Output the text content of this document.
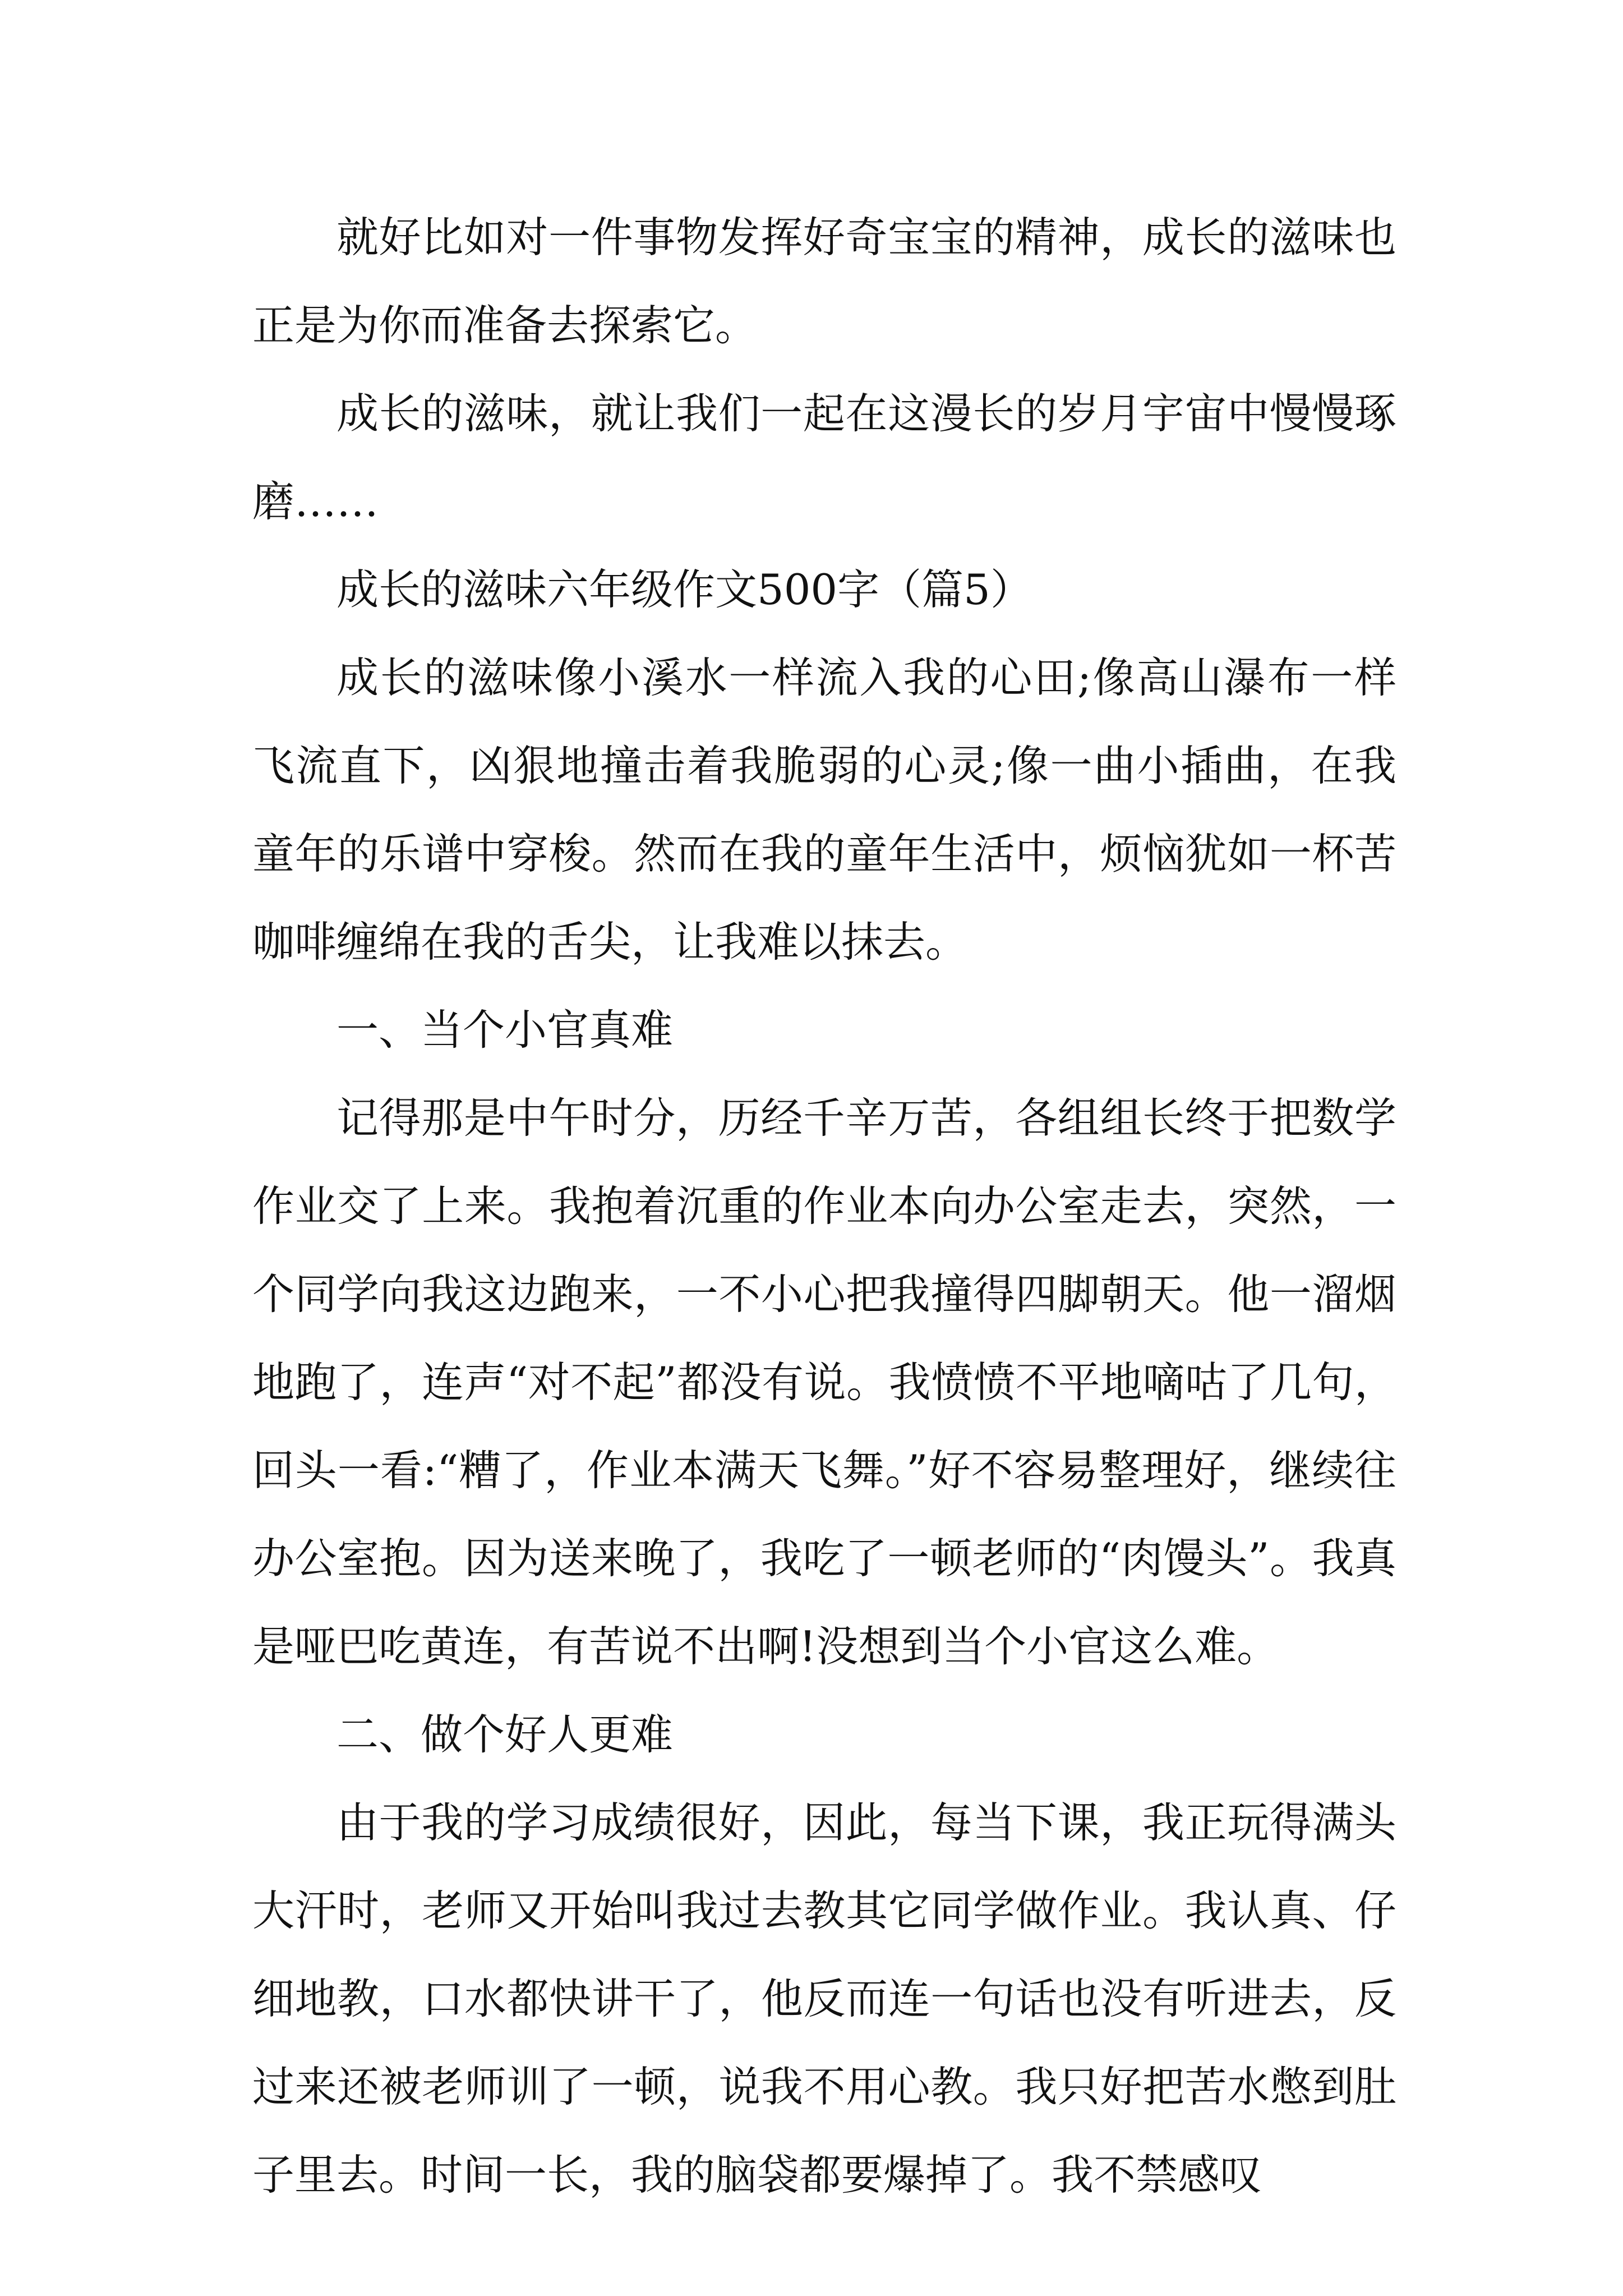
就好比如对一件事物发挥好奇宝宝的精神，成长的滋味也正是为你而准备去探索它。

成长的滋味，就让我们一起在这漫长的岁月宇宙中慢慢琢磨……

成长的滋味六年级作文500字（篇5）

成长的滋味像小溪水一样流入我的心田;像高山瀑布一样飞流直下，凶狠地撞击着我脆弱的心灵;像一曲小插曲，在我童年的乐谱中穿梭。然而在我的童年生活中，烦恼犹如一杯苦咖啡缠绵在我的舌尖，让我难以抹去。

一、当个小官真难

记得那是中午时分，历经千辛万苦，各组组长终于把数学作业交了上来。我抱着沉重的作业本向办公室走去，突然，一个同学向我这边跑来，一不小心把我撞得四脚朝天。他一溜烟地跑了，连声“对不起”都没有说。我愤愤不平地嘀咕了几句，回头一看:“糟了，作业本满天飞舞。”好不容易整理好，继续往办公室抱。因为送来晚了，我吃了一顿老师的“肉馒头”。我真是哑巴吃黄连，有苦说不出啊!没想到当个小官这么难。

二、做个好人更难

由于我的学习成绩很好，因此，每当下课，我正玩得满头大汗时，老师又开始叫我过去教其它同学做作业。我认真、仔细地教，口水都快讲干了，他反而连一句话也没有听进去，反过来还被老师训了一顿，说我不用心教。我只好把苦水憋到肚子里去。时间一长，我的脑袋都要爆掉了。我不禁感叹
